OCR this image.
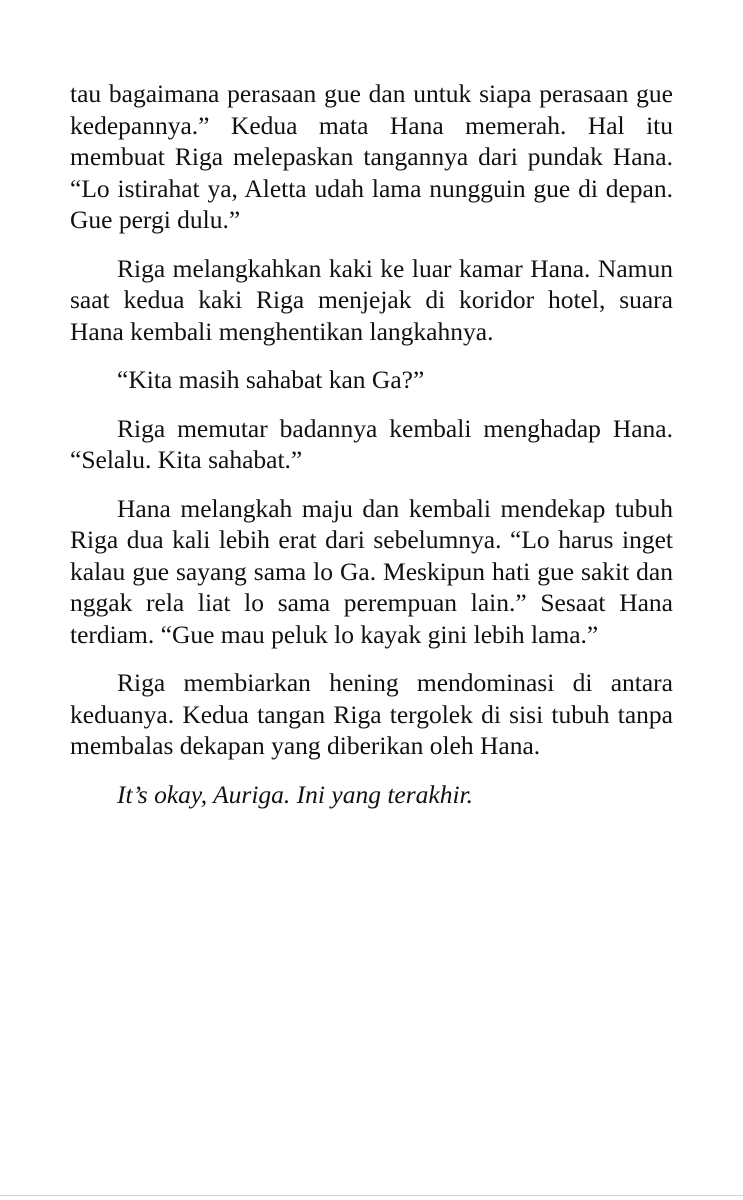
tau bagaimana perasaan gue dan untuk siapa perasaan gue kedepannya.” Kedua mata Hana memerah. Hal itu membuat Riga melepaskan tangannya dari pundak Hana. “Lo istirahat ya, Aletta udah lama nungguin gue di depan. Gue pergi dulu.”

Riga melangkahkan kaki ke luar kamar Hana. Namun saat kedua kaki Riga menjejak di koridor hotel, suara Hana kembali menghentikan langkahnya.

“Kita masih sahabat kan Ga?”

Riga memutar badannya kembali menghadap Hana. “Selalu. Kita sahabat.”

Hana melangkah maju dan kembali mendekap tubuh Riga dua kali lebih erat dari sebelumnya. “Lo harus inget kalau gue sayang sama lo Ga. Meskipun hati gue sakit dan nggak rela liat lo sama perempuan lain.” Sesaat Hana terdiam. “Gue mau peluk lo kayak gini lebih lama.”

Riga membiarkan hening mendominasi di antara keduanya. Kedua tangan Riga tergolek di sisi tubuh tanpa membalas dekapan yang diberikan oleh Hana.

It’s okay, Auriga. Ini yang terakhir.
